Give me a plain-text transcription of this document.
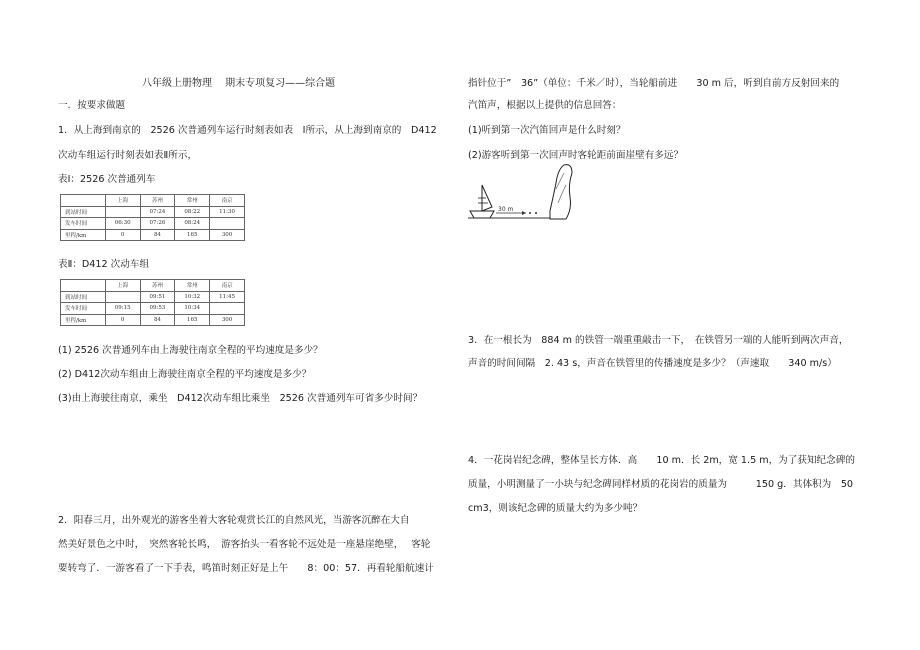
八年级上册物理　 期末专项复习——综合题
一．按要求做题
1．从上海到南京的　2526 次普通列车运行时刻表如表　Ⅰ所示，从上海到南京的　D412
次动车组运行时刻表如表Ⅱ所示，
表Ⅰ：2526 次普通列车
	上海	苏州	常州	南京
到站时间		07:24	08:22	11:30
发车时间	06:30	07:26	08:24	
里程/km	0	84	165	300
表Ⅱ：D412 次动车组
	上海	苏州	常州	南京
到站时间		09:51	10:32	11:45
发车时间	09:15	09:53	10:34	
里程/km	0	84	165	300
(1) 2526 次普通列车由上海驶往南京全程的平均速度是多少？
(2) D412次动车组由上海驶往南京全程的平均速度是多少？
(3)由上海驶往南京，乘坐　D412次动车组比乘坐　2526 次普通列车可省多少时间？
2．阳春三月，出外观光的游客坐着大客轮观赏长江的自然风光，当游客沉醉在大自
然美好景色之中时，　突然客轮长鸣，　游客抬头一看客轮不远处是一座悬崖绝壁，　 客轮
要转弯了．一游客看了一下手表，鸣笛时刻正好是上午　　8：00：57．再看轮船航速计
指针位于”　36”（单位：千米／时），当轮船前进　　30 m 后，听到自前方反射回来的
汽笛声，根据以上提供的信息回答：
(1)听到第一次汽笛回声是什么时刻？
(2)游客听到第一次回声时客轮距前面崖壁有多远？
30 m
3．在一根长为　884 m 的铁管一端重重敲击一下，　在铁管另一端的人能听到两次声音，
声音的时间间隔　2. 43 s，声音在铁管里的传播速度是多少？（声速取　　340 m/s）
4．一花岗岩纪念碑，整体呈长方体．高　　10 m．长 2m，宽 1.5 m，为了获知纪念碑的
质量，小明测量了一小块与纪念碑同样材质的花岗岩的质量为　　　150 g．其体积为　50
cm3，则该纪念碑的质量大约为多少吨？
